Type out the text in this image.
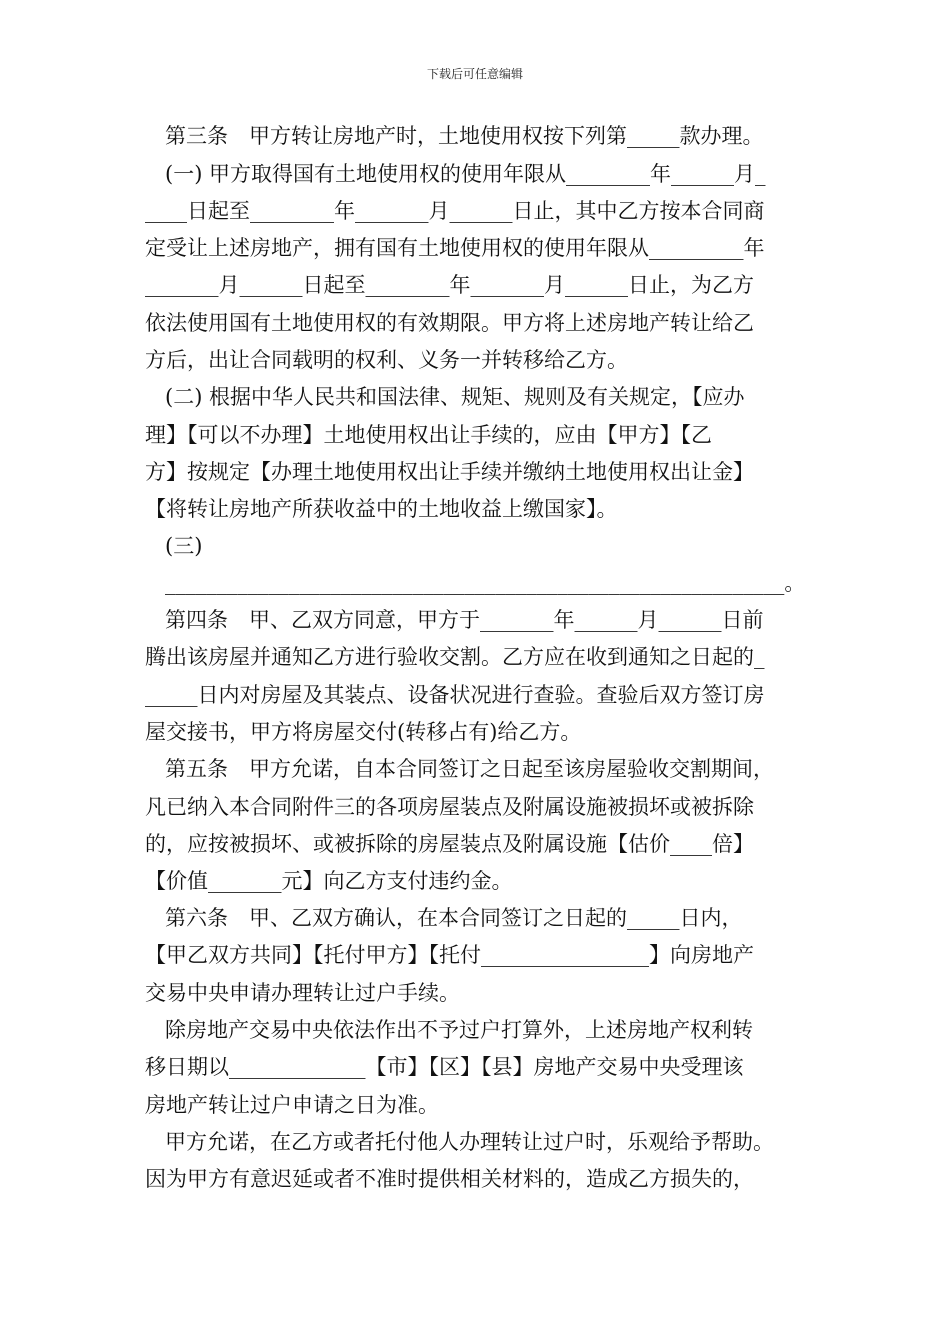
下载后可任意编辑
第三条　甲方转让房地产时，土地使用权按下列第_____款办理。
(一) 甲方取得国有土地使用权的使用年限从________年______月_
____日起至________年_______月______日止，其中乙方按本合同商
定受让上述房地产，拥有国有土地使用权的使用年限从_________年
_______月______日起至________年_______月______日止，为乙方
依法使用国有土地使用权的有效期限。甲方将上述房地产转让给乙
方后，出让合同载明的权利、义务一并转移给乙方。
(二) 根据中华人民共和国法律、规矩、规则及有关规定，【应办
理】【可以不办理】土地使用权出让手续的，应由【甲方】【乙
方】按规定【办理土地使用权出让手续并缴纳土地使用权出让金】
【将转让房地产所获收益中的土地收益上缴国家】。
(三)
____________________________________________________________。
第四条　甲、乙双方同意，甲方于_______年______月______日前
腾出该房屋并通知乙方进行验收交割。乙方应在收到通知之日起的_
_____日内对房屋及其装点、设备状况进行查验。查验后双方签订房
屋交接书，甲方将房屋交付(转移占有)给乙方。
第五条　甲方允诺，自本合同签订之日起至该房屋验收交割期间，
凡已纳入本合同附件三的各项房屋装点及附属设施被损坏或被拆除
的，应按被损坏、或被拆除的房屋装点及附属设施【估价____倍】
【价值_______元】向乙方支付违约金。
第六条　甲、乙双方确认，在本合同签订之日起的_____日内，
【甲乙双方共同】【托付甲方】【托付________________】向房地产
交易中央申请办理转让过户手续。
除房地产交易中央依法作出不予过户打算外，上述房地产权利转
移日期以_____________【市】【区】【县】房地产交易中央受理该
房地产转让过户申请之日为准。
甲方允诺，在乙方或者托付他人办理转让过户时，乐观给予帮助。
因为甲方有意迟延或者不准时提供相关材料的，造成乙方损失的，
